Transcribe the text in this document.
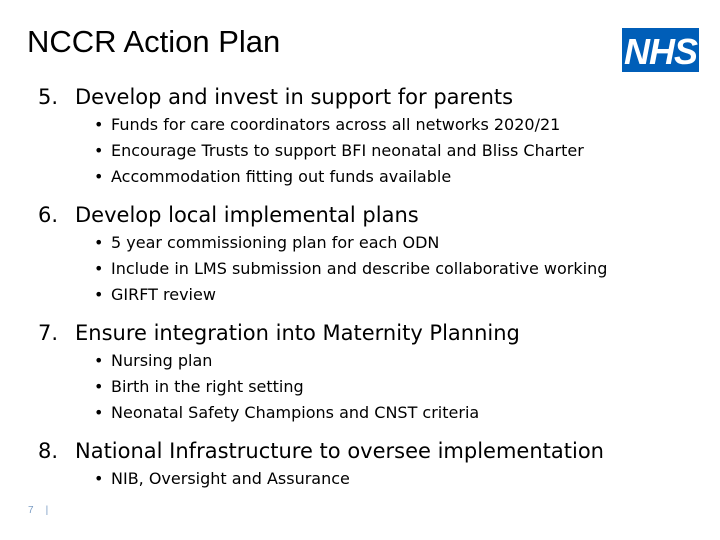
NCCR Action Plan	NHS
5. Develop and invest in support for parents
• Funds for care coordinators across all networks 2020/21
• Encourage Trusts to support BFI neonatal and Bliss Charter
• Accommodation fitting out funds available
6. Develop local implemental plans
• 5 year commissioning plan for each ODN
• Include in LMS submission and describe collaborative working
• GIRFT review
7. Ensure integration into Maternity Planning
• Nursing plan
• Birth in the right setting
• Neonatal Safety Champions and CNST criteria
8. National Infrastructure to oversee implementation
• NIB, Oversight and Assurance
7 |
